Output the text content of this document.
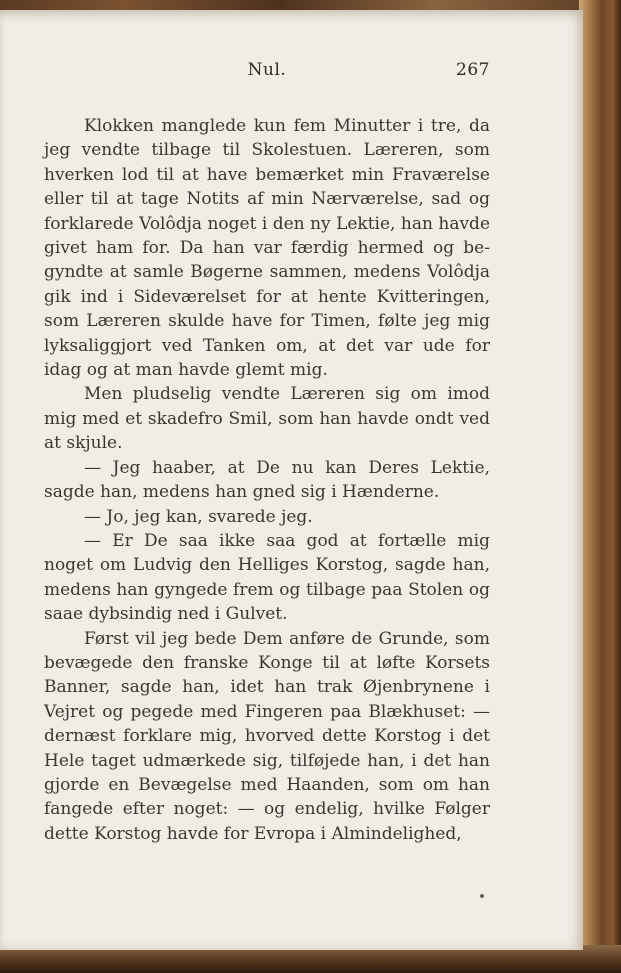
Nul.	267

Klokken manglede kun fem Minutter i tre, da jeg vendte tilbage til Skolestuen. Læreren, som hverken lod til at have bemærket min Fraværelse eller til at tage Notits af min Nærværelse, sad og forklarede Volôdja noget i den ny Lektie, han havde givet ham for. Da han var færdig hermed og begyndte at samle Bøgerne sammen, medens Volôdja gik ind i Sideværelset for at hente Kvitteringen, som Læreren skulde have for Timen, følte jeg mig lyksaliggjort ved Tanken om, at det var ude for idag og at man havde glemt mig.

Men pludselig vendte Læreren sig om imod mig med et skadefro Smil, som han havde ondt ved at skjule.

— Jeg haaber, at De nu kan Deres Lektie, sagde han, medens han gned sig i Hænderne.

— Jo, jeg kan, svarede jeg.

— Er De saa ikke saa god at fortælle mig noget om Ludvig den Helliges Korstog, sagde han, medens han gyngede frem og tilbage paa Stolen og saae dybsindig ned i Gulvet.

Først vil jeg bede Dem anføre de Grunde, som bevægede den franske Konge til at løfte Korsets Banner, sagde han, idet han trak Øjenbrynene i Vejret og pegede med Fingeren paa Blækhuset: — dernæst forklare mig, hvorved dette Korstog i det Hele taget udmærkede sig, tilføjede han, i det han gjorde en Bevægelse med Haanden, som om han fangede efter noget: — og endelig, hvilke Følger dette Korstog havde for Evropa i Almindelighed,
